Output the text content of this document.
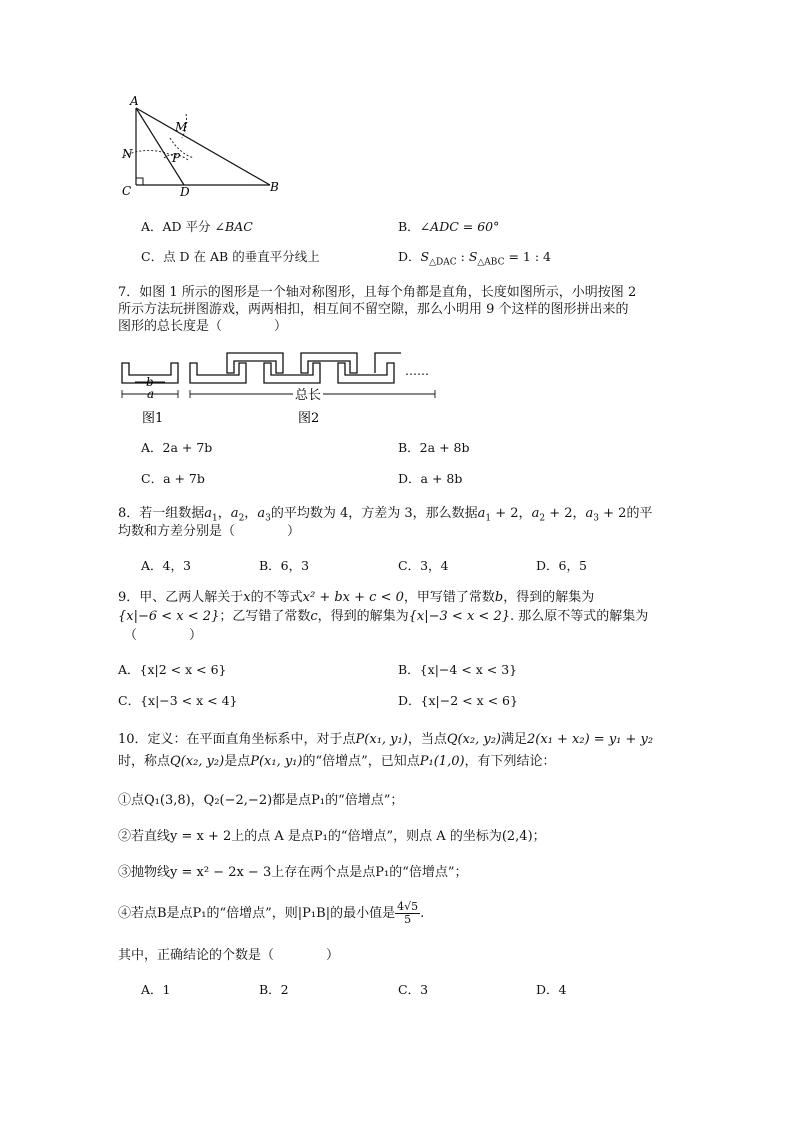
A
M
N	P
C	D	B
A．AD 平分 ∠BAC	B．∠ADC = 60°
C．点 D 在 AB 的垂直平分线上	D．$S_{\triangle DAC}$ : $S_{\triangle ABC} = 1$ : 4
7．如图 1 所示的图形是一个轴对称图形，且每个角都是直角，长度如图所示，小明按图 2
所示方法玩拼图游戏，两两相扣，相互间不留空隙，那么小明用 9 个这样的图形拼出来的
图形的总长度是（　　　　）
b
a
图1
……
总长
图2
A．2a + 7b	B．2a + 8b
C．a + 7b	D．a + 8b
8．若一组数据$a_1$，$a_2$，$a_3$的平均数为 4，方差为 3，那么数据$a_1 + 2$，$a_2 + 2$，$a_3 + 2$的平
均数和方差分别是（　　　　）
A．4，3	B．6，3	C．3，4	D．6，5
9．甲、乙两人解关于x的不等式x² + bx + c < 0，甲写错了常数b，得到的解集为
{x|−6 < x < 2}；乙写错了常数c，得到的解集为{x|−3 < x < 2}. 那么原不等式的解集为
（　　　　）
A．{x|2 < x < 6}	B．{x|−4 < x < 3}
C．{x|−3 < x < 4}	D．{x|−2 < x < 6}
10．定义：在平面直角坐标系中，对于点P(x₁, y₁)，当点Q(x₂, y₂)满足2(x₁ + x₂) = y₁ + y₂
时，称点Q(x₂, y₂)是点P(x₁, y₁)的“倍增点”，已知点P₁(1,0)，有下列结论：
①点Q₁(3,8)，Q₂(−2,−2)都是点P₁的“倍增点”；
②若直线y = x + 2上的点 A 是点P₁的“倍增点”，则点 A 的坐标为(2,4)；
③抛物线y = x² − 2x − 3上存在两个点是点P₁的“倍增点”；
④若点B是点P₁的“倍增点”，则|P₁B|的最小值是 $\frac{4√5}{5}$ .
其中，正确结论的个数是（　　　　）
A．1	B．2	C．3	D．4
